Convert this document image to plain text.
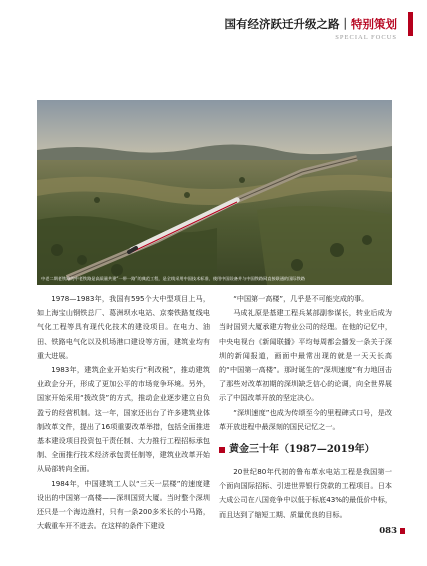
国有经济跃迁升级之路｜特别策划
SPECIAL FOCUS
中老二期老铁路的中老铁路是高质量共建“一带一路”的典范工程，是全线采用中国技术标准、使用中国设备并与中国铁路网直接联通的国际铁路

1978—1983年，我国有595个大中型项目上马，如上海宝山钢铁总厂、葛洲坝水电站、京秦铁路复线电气化工程等具有现代化技术的建设项目。在电力、油田、铁路电气化以及机场港口建设等方面，建筑业均有重大进展。

1983年，建筑企业开始实行“利改税”，推动建筑业政企分开，形成了更加公平的市场竞争环境。另外，国家开始采用“拨改贷”的方式，推动企业逐步建立自负盈亏的经营机制。这一年，国家还出台了许多建筑业体制改革文件，提出了16项重要改革举措，包括全面推进基本建设项目投资包干责任制、大力推行工程招标承包制、全面推行技术经济承包责任制等，建筑业改革开始从局部转向全面。

1984年，中国建筑工人以“三天一层楼”的速度建设出的中国第一高楼——深圳国贸大厦。当时整个深圳还只是一个海边渔村，只有一条200多米长的小马路，大载重车开不进去。在这样的条件下建设

“中国第一高楼”，几乎是不可能完成的事。

马成礼原是基建工程兵某部副参谋长，转业后成为当时国贸大厦承建方物业公司的经理。在他的记忆中，中央电视台《新闻联播》平均每周都会播发一条关于深圳的新闻报道，画面中最常出现的就是一天天长高的“中国第一高楼”。那时诞生的“深圳速度”有力地回击了那些对改革初期的深圳缺乏信心的论调，向全世界展示了中国改革开放的坚定决心。

“深圳速度”也成为传颂至今的里程碑式口号，是改革开放进程中最深刻的国民记忆之一。

黄金三十年（1987—2019年）

20世纪80年代初的鲁布革水电站工程是我国第一个面向国际招标、引进世界银行贷款的工程项目。日本大成公司在八国竞争中以低于标底43%的最低价中标，而且达到了缩短工期、质量优良的目标。

083
